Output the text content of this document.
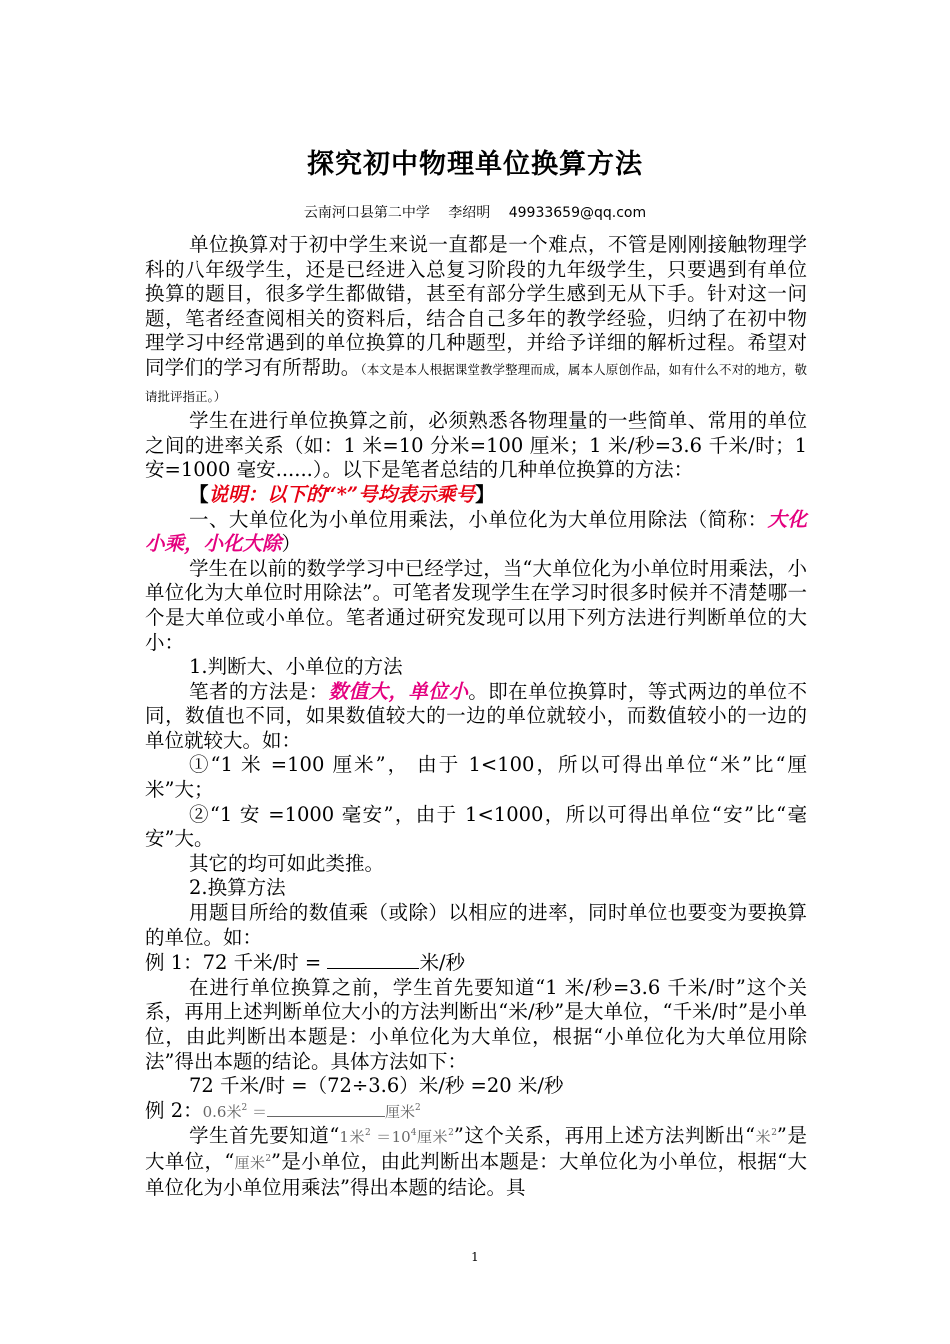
探究初中物理单位换算方法
云南河口县第二中学　 李绍明　 49933659@qq.com

单位换算对于初中学生来说一直都是一个难点，不管是刚刚接触物理学科的八年级学生，还是已经进入总复习阶段的九年级学生，只要遇到有单位换算的题目，很多学生都做错，甚至有部分学生感到无从下手。针对这一问题，笔者经查阅相关的资料后，结合自己多年的教学经验，归纳了在初中物理学习中经常遇到的单位换算的几种题型，并给予详细的解析过程。希望对同学们的学习有所帮助。（本文是本人根据课堂教学整理而成，属本人原创作品，如有什么不对的地方，敬请批评指正。）

学生在进行单位换算之前，必须熟悉各物理量的一些简单、常用的单位之间的进率关系（如：1 米=10 分米=100 厘米；1 米/秒=3.6 千米/时；1 安=1000 毫安......）。以下是笔者总结的几种单位换算的方法：

【说明：以下的“*”号均表示乘号】

一、大单位化为小单位用乘法，小单位化为大单位用除法（简称：大化小乘，小化大除）

学生在以前的数学学习中已经学过，当“大单位化为小单位时用乘法，小单位化为大单位时用除法”。可笔者发现学生在学习时很多时候并不清楚哪一个是大单位或小单位。笔者通过研究发现可以用下列方法进行判断单位的大小：

1.判断大、小单位的方法

笔者的方法是：数值大，单位小。即在单位换算时，等式两边的单位不同，数值也不同，如果数值较大的一边的单位就较小，而数值较小的一边的单位就较大。如：

①“1 米 =100 厘米”， 由于 1<100，所以可得出单位“米”比“厘米”大；

②“1 安 =1000 毫安”，由于 1<1000，所以可得出单位“安”比“毫安”大。

其它的均可如此类推。

2.换算方法

用题目所给的数值乘（或除）以相应的进率，同时单位也要变为要换算的单位。如：

例 1：72 千米/时 =	米/秒

在进行单位换算之前，学生首先要知道“1 米/秒=3.6 千米/时”这个关系，再用上述判断单位大小的方法判断出“米/秒”是大单位，“千米/时”是小单位，由此判断出本题是：小单位化为大单位，根据“小单位化为大单位用除法”得出本题的结论。具体方法如下：

72 千米/时 =（72÷3.6）米/秒 =20 米/秒

例 2：0.6米$^2$ ＝	厘米$^2$

学生首先要知道“1米$^2 =10^4$厘米$^2$”这个关系，再用上述方法判断出“米$^2$”是大单位，“厘米$^2$”是小单位，由此判断出本题是：大单位化为小单位，根据“大单位化为小单位用乘法”得出本题的结论。具

1
